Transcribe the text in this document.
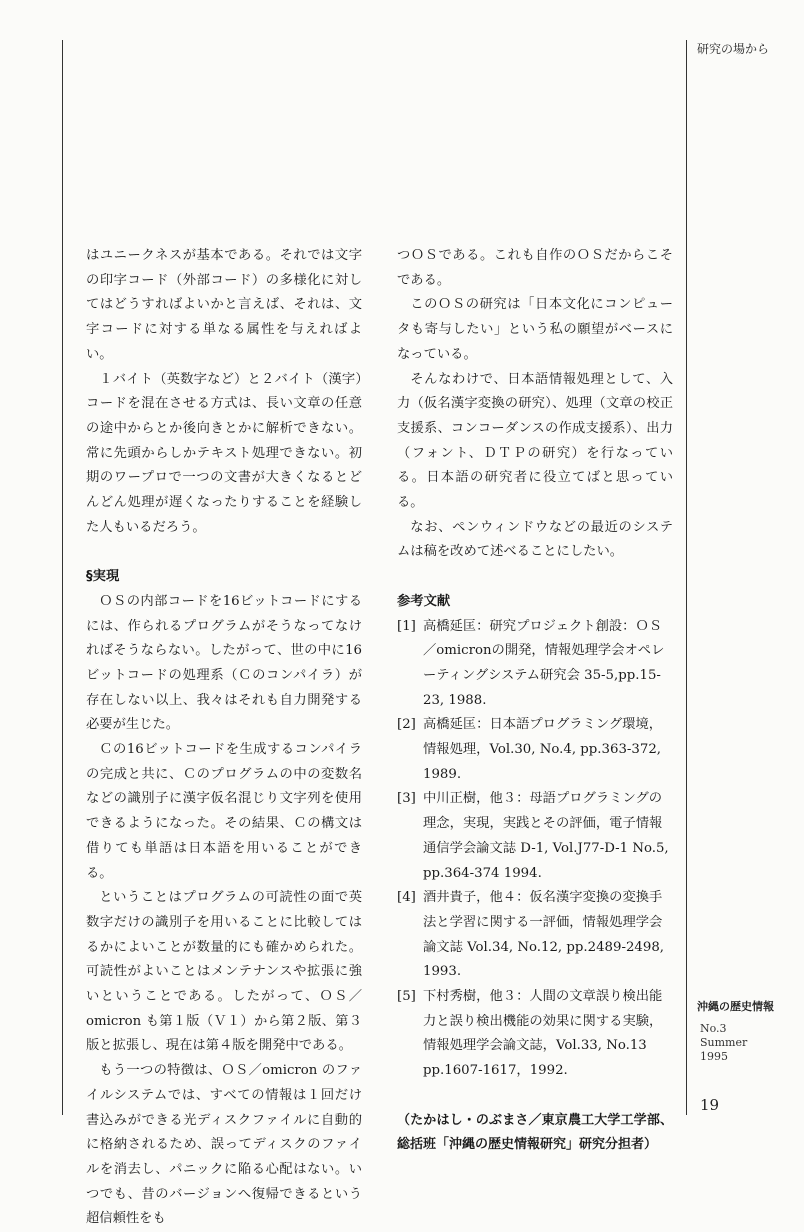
研究の場から

はユニークネスが基本である。それでは文字の印字コード（外部コード）の多様化に対してはどうすればよいかと言えば、それは、文字コードに対する単なる属性を与えればよい。

１バイト（英数字など）と２バイト（漢字）コードを混在させる方式は、長い文章の任意の途中からとか後向きとかに解析できない。常に先頭からしかテキスト処理できない。初期のワープロで一つの文書が大きくなるとどんどん処理が遅くなったりすることを経験した人もいるだろう。

§実現

ＯＳの内部コードを16ビットコードにするには、作られるプログラムがそうなってなければそうならない。したがって、世の中に16ビットコードの処理系（Ｃのコンパイラ）が存在しない以上、我々はそれも自力開発する必要が生じた。

Ｃの16ビットコードを生成するコンパイラの完成と共に、Ｃのプログラムの中の変数名などの識別子に漢字仮名混じり文字列を使用できるようになった。その結果、Ｃの構文は借りても単語は日本語を用いることができる。

ということはプログラムの可読性の面で英数字だけの識別子を用いることに比較してはるかによいことが数量的にも確かめられた。可読性がよいことはメンテナンスや拡張に強いということである。したがって、ＯＳ／omicron も第１版（Ｖ１）から第２版、第３版と拡張し、現在は第４版を開発中である。

もう一つの特徴は、ＯＳ／omicron のファイルシステムでは、すべての情報は１回だけ書込みができる光ディスクファイルに自動的に格納されるため、誤ってディスクのファイルを消去し、パニックに陥る心配はない。いつでも、昔のバージョンへ復帰できるという超信頼性をも

つＯＳである。これも自作のＯＳだからこそである。

このＯＳの研究は「日本文化にコンピュータも寄与したい」という私の願望がベースになっている。

そんなわけで、日本語情報処理として、入力（仮名漢字変換の研究）、処理（文章の校正支援系、コンコーダンスの作成支援系）、出力（フォント、ＤＴＰの研究）を行なっている。日本語の研究者に役立てばと思っている。

なお、ペンウィンドウなどの最近のシステムは稿を改めて述べることにしたい。

参考文献

[1] 高橋延匡：研究プロジェクト創設：ＯＳ／omicronの開発，情報処理学会オペレーティングシステム研究会 35-5,pp.15-23, 1988.
[2] 高橋延匡：日本語プログラミング環境，情報処理，Vol.30, No.4, pp.363-372, 1989.
[3] 中川正樹，他３：母語プログラミングの理念，実現，実践とその評価，電子情報通信学会論文誌 D-1, Vol.J77-D-1 No.5, pp.364-374 1994.
[4] 酒井貴子，他４：仮名漢字変換の変換手法と学習に関する一評価，情報処理学会論文誌 Vol.34, No.12, pp.2489-2498, 1993.
[5] 下村秀樹，他３：人間の文章誤り検出能力と誤り検出機能の効果に関する実験，情報処理学会論文誌，Vol.33, No.13 pp.1607-1617，1992.

（たかはし・のぶまさ／東京農工大学工学部、総括班「沖縄の歴史情報研究」研究分担者）

沖縄の歴史情報
No.3
Summer
1995
19
